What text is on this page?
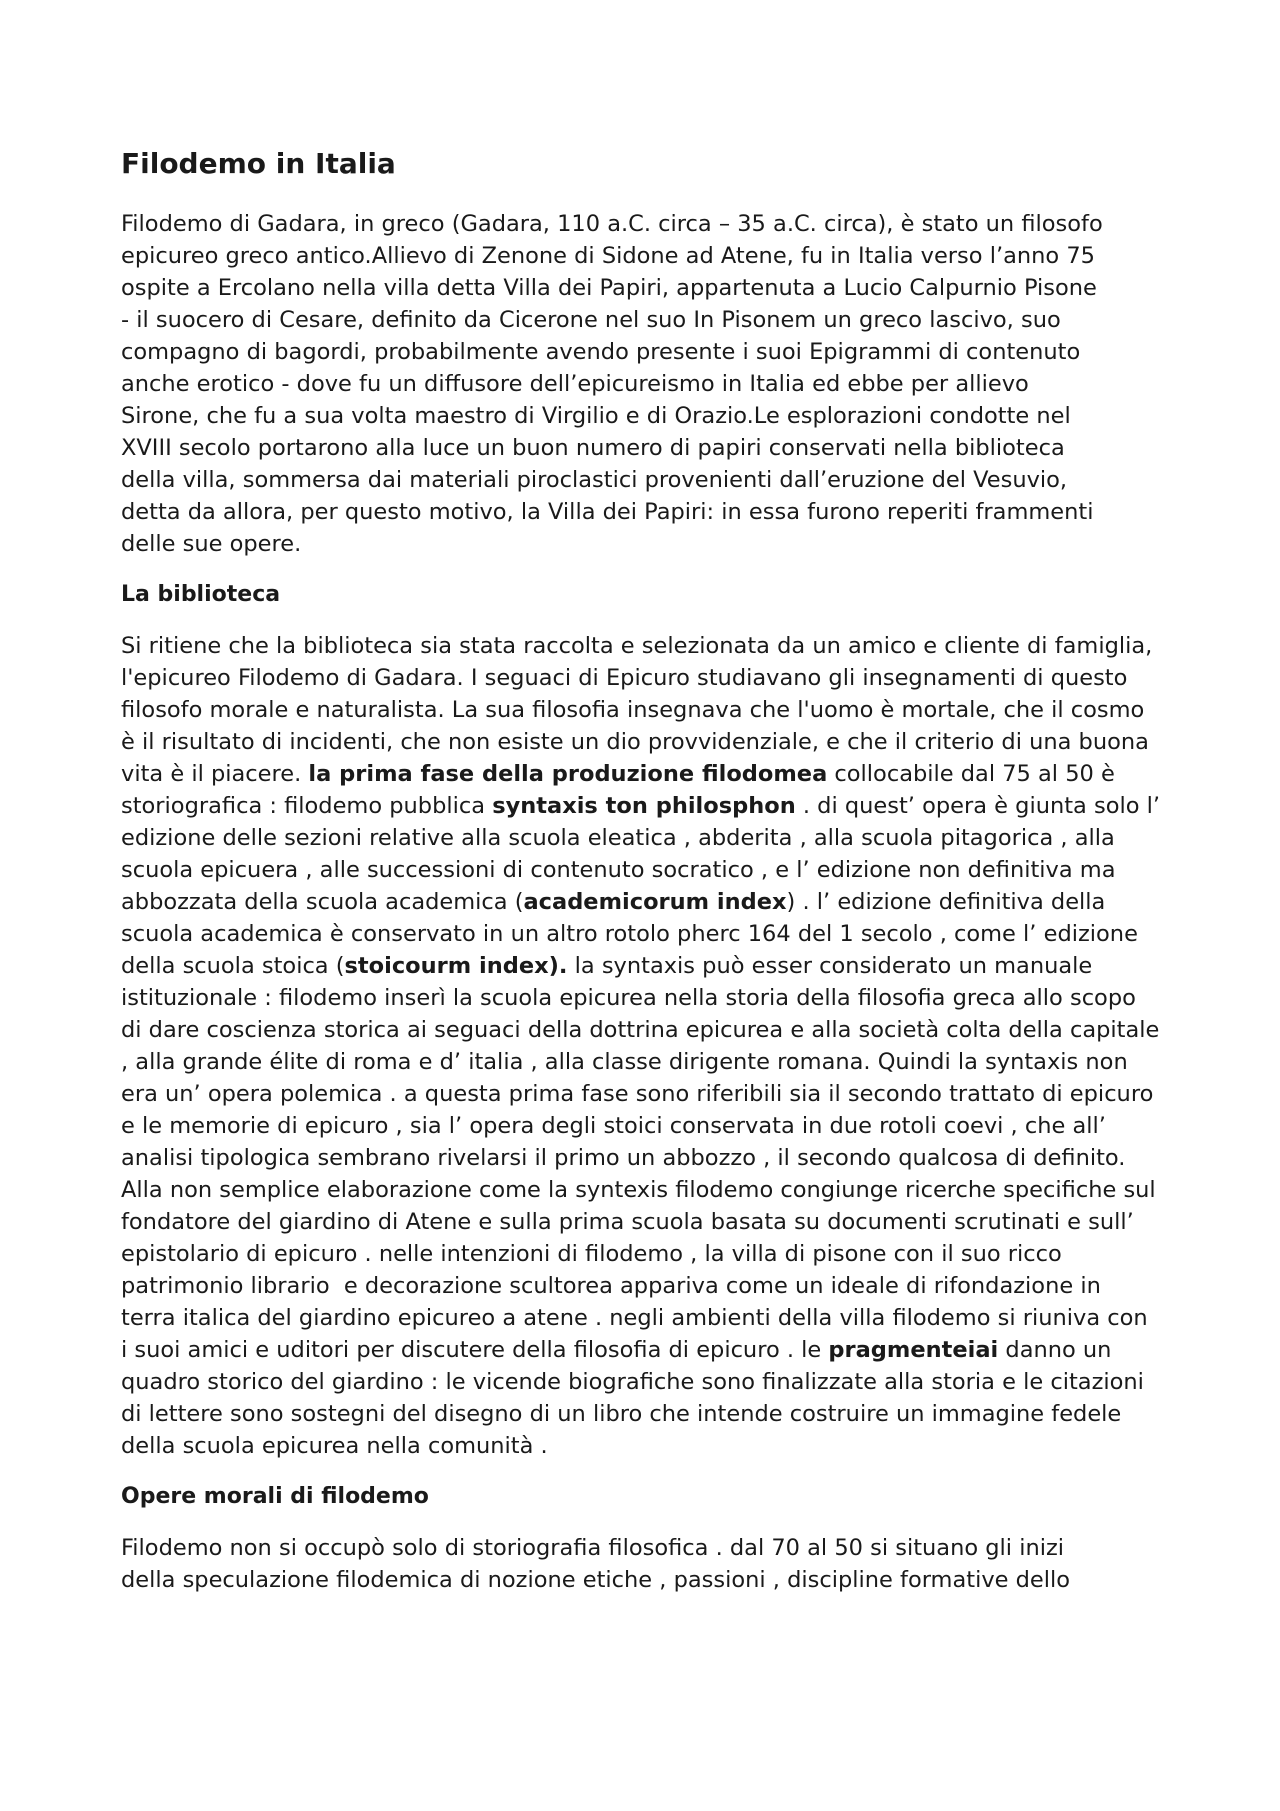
Filodemo in Italia

Filodemo di Gadara, in greco (Gadara, 110 a.C. circa – 35 a.C. circa), è stato un filosofo
epicureo greco antico.Allievo di Zenone di Sidone ad Atene, fu in Italia verso l’anno 75
ospite a Ercolano nella villa detta Villa dei Papiri, appartenuta a Lucio Calpurnio Pisone
- il suocero di Cesare, definito da Cicerone nel suo In Pisonem un greco lascivo, suo
compagno di bagordi, probabilmente avendo presente i suoi Epigrammi di contenuto
anche erotico - dove fu un diffusore dell’epicureismo in Italia ed ebbe per allievo
Sirone, che fu a sua volta maestro di Virgilio e di Orazio.Le esplorazioni condotte nel
XVIII secolo portarono alla luce un buon numero di papiri conservati nella biblioteca
della villa, sommersa dai materiali piroclastici provenienti dall’eruzione del Vesuvio,
detta da allora, per questo motivo, la Villa dei Papiri: in essa furono reperiti frammenti
delle sue opere.

La biblioteca

Si ritiene che la biblioteca sia stata raccolta e selezionata da un amico e cliente di famiglia, l'epicureo Filodemo di Gadara. I seguaci di Epicuro studiavano gli insegnamenti di questo filosofo morale e naturalista. La sua filosofia insegnava che l'uomo è mortale, che il cosmo è il risultato di incidenti, che non esiste un dio provvidenziale, e che il criterio di una buona vita è il piacere. la prima fase della produzione filodomea collocabile dal 75 al 50 è storiografica : filodemo pubblica syntaxis ton philosphon . di quest’ opera è giunta solo l’ edizione delle sezioni relative alla scuola eleatica , abderita , alla scuola pitagorica , alla scuola epicuera , alle successioni di contenuto socratico , e l’ edizione non definitiva ma abbozzata della scuola academica (academicorum index) . l’ edizione definitiva della scuola academica è conservato in un altro rotolo pherc 164 del 1 secolo , come l’ edizione della scuola stoica (stoicourm index). la syntaxis può esser considerato un manuale istituzionale : filodemo inserì la scuola epicurea nella storia della filosofia greca allo scopo di dare coscienza storica ai seguaci della dottrina epicurea e alla società colta della capitale , alla grande élite di roma e d’ italia , alla classe dirigente romana. Quindi la syntaxis non era un’ opera polemica . a questa prima fase sono riferibili sia il secondo trattato di epicuro e le memorie di epicuro , sia l’ opera degli stoici conservata in due rotoli coevi , che all’ analisi tipologica sembrano rivelarsi il primo un abbozzo , il secondo qualcosa di definito. Alla non semplice elaborazione come la syntexis filodemo congiunge ricerche specifiche sul fondatore del giardino di Atene e sulla prima scuola basata su documenti scrutinati e sull’ epistolario di epicuro . nelle intenzioni di filodemo , la villa di pisone con il suo ricco patrimonio librario  e decorazione scultorea appariva come un ideale di rifondazione in terra italica del giardino epicureo a atene . negli ambienti della villa filodemo si riuniva con i suoi amici e uditori per discutere della filosofia di epicuro . le pragmenteiai danno un quadro storico del giardino : le vicende biografiche sono finalizzate alla storia e le citazioni di lettere sono sostegni del disegno di un libro che intende costruire un immagine fedele della scuola epicurea nella comunità .

Opere morali di filodemo

Filodemo non si occupò solo di storiografia filosofica . dal 70 al 50 si situano gli inizi
della speculazione filodemica di nozione etiche , passioni , discipline formative dello
